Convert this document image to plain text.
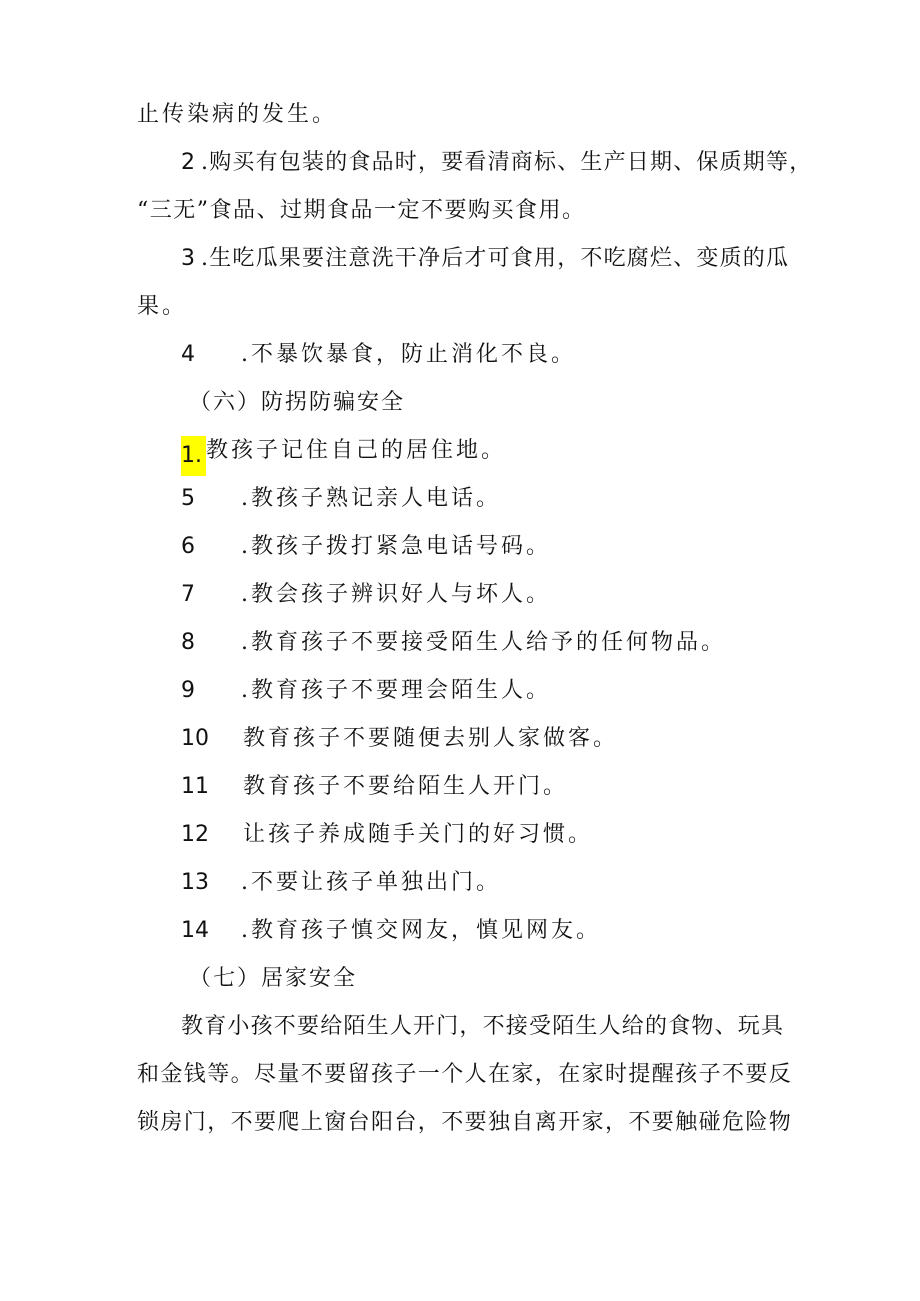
止传染病的发生。
2 .购买有包装的食品时，要看清商标、生产日期、保质期等，
“三无”食品、过期食品一定不要购买食用。
3 .生吃瓜果要注意洗干净后才可食用，不吃腐烂、变质的瓜
果。
4 .不暴饮暴食，防止消化不良。
（六）防拐防骗安全
1. 教孩子记住自己的居住地。
5 .教孩子熟记亲人电话。
6 .教孩子拨打紧急电话号码。
7 .教会孩子辨识好人与坏人。
8 .教育孩子不要接受陌生人给予的任何物品。
9 .教育孩子不要理会陌生人。
10 教育孩子不要随便去别人家做客。
11 教育孩子不要给陌生人开门。
12 让孩子养成随手关门的好习惯。
13 .不要让孩子单独出门。
14 .教育孩子慎交网友，慎见网友。
（七）居家安全
教育小孩不要给陌生人开门，不接受陌生人给的食物、玩具
和金钱等。尽量不要留孩子一个人在家，在家时提醒孩子不要反
锁房门，不要爬上窗台阳台，不要独自离开家，不要触碰危险物
